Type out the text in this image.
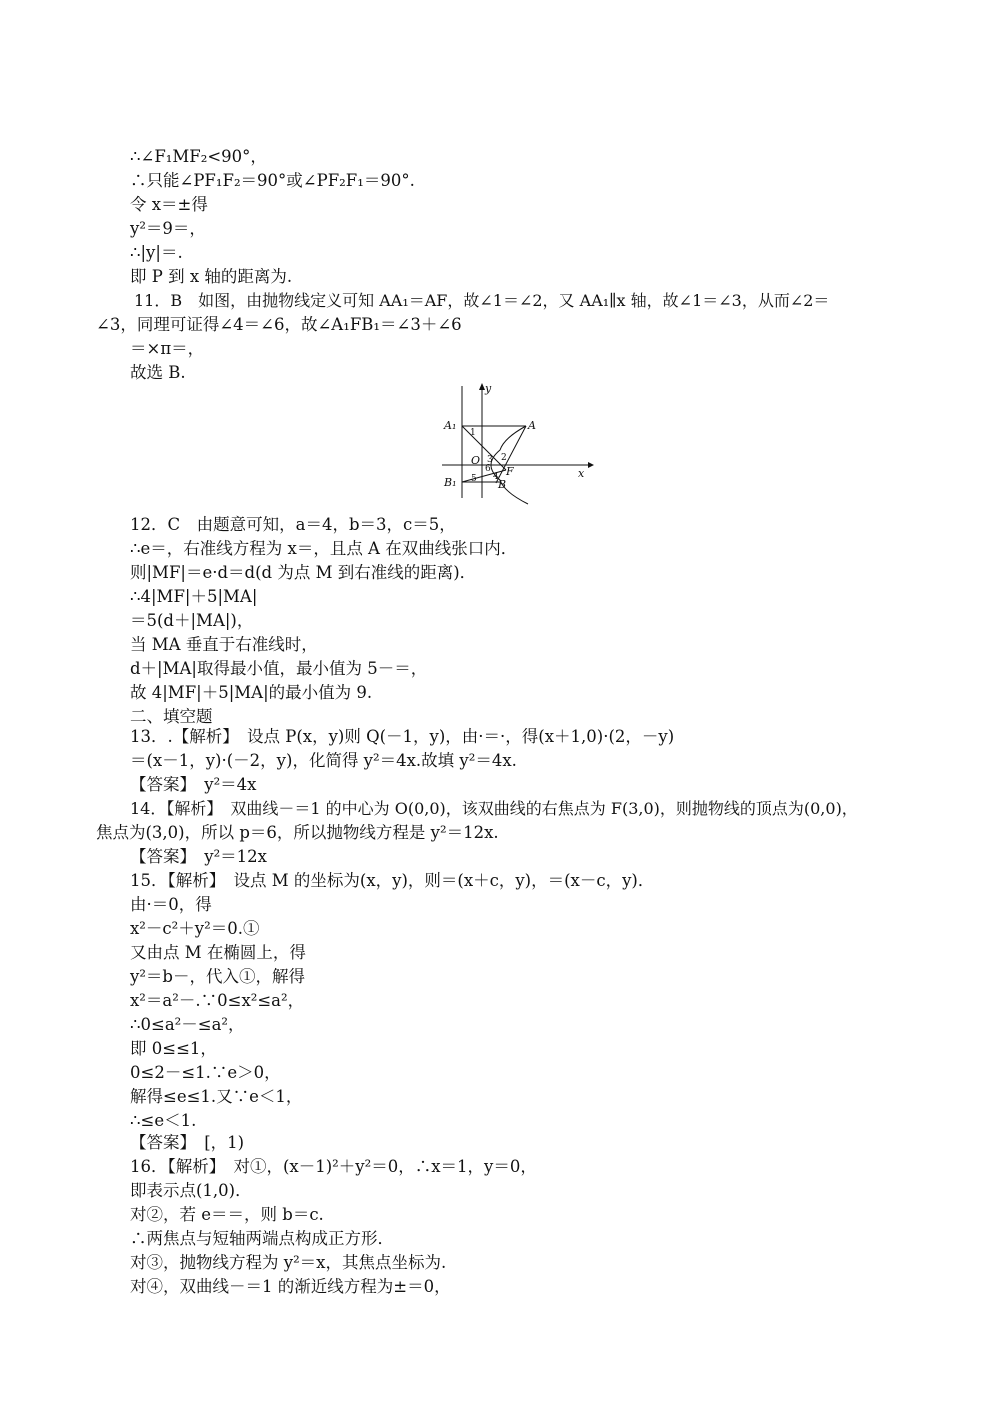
∴∠F₁MF₂<90°，
∴只能∠PF₁F₂＝90°或∠PF₂F₁＝90°.
令 x＝±得
y²＝9＝，
∴|y|＝.
即 P 到 x 轴的距离为.
11．B　如图，由抛物线定义可知 AA₁＝AF，故∠1＝∠2，又 AA₁∥x 轴，故∠1＝∠3，从而∠2＝
∠3，同理可证得∠4＝∠6，故∠A₁FB₁＝∠3＋∠6
＝×π＝，
故选 B.
A₁	A
O
F
B₁	B
x
y
1
2
3
4
5
6
12．C　由题意可知，a＝4，b＝3，c＝5，
∴e＝，右准线方程为 x＝，且点 A 在双曲线张口内．
则|MF|＝e·d＝d(d 为点 M 到右准线的距离)．
∴4|MF|＋5|MA|
＝5(d＋|MA|)，
当 MA 垂直于右准线时，
d＋|MA|取得最小值，最小值为 5－＝，
故 4|MF|＋5|MA|的最小值为 9.
二、填空题
13．.【解析】　设点 P(x，y)则 Q(－1，y)，由·＝·，得(x＋1,0)·(2，－y)
＝(x－1，y)·(－2，y)，化简得 y²＝4x.故填 y²＝4x.
【答案】　y²＝4x
14．【解析】　双曲线－＝1 的中心为 O(0,0)，该双曲线的右焦点为 F(3,0)，则抛物线的顶点为(0,0)，
焦点为(3,0)，所以 p＝6，所以抛物线方程是 y²＝12x.
【答案】　y²＝12x
15．【解析】　设点 M 的坐标为(x，y)，则＝(x＋c，y)，＝(x－c，y)．
由·＝0，得
x²－c²＋y²＝0.①
又由点 M 在椭圆上，得
y²＝b－，代入①，解得
x²＝a²－.∵0≤x²≤a²，
∴0≤a²－≤a²，
即 0≤≤1，
0≤2－≤1.∵e＞0，
解得≤e≤1.又∵e＜1，
∴≤e＜1.
【答案】　[，1)
16．【解析】　对①，(x－1)²＋y²＝0，∴x＝1，y＝0，
即表示点(1,0)．
对②，若 e＝＝，则 b＝c.
∴两焦点与短轴两端点构成正方形．
对③，抛物线方程为 y²＝x，其焦点坐标为.
对④，双曲线－＝1 的渐近线方程为±＝0，
